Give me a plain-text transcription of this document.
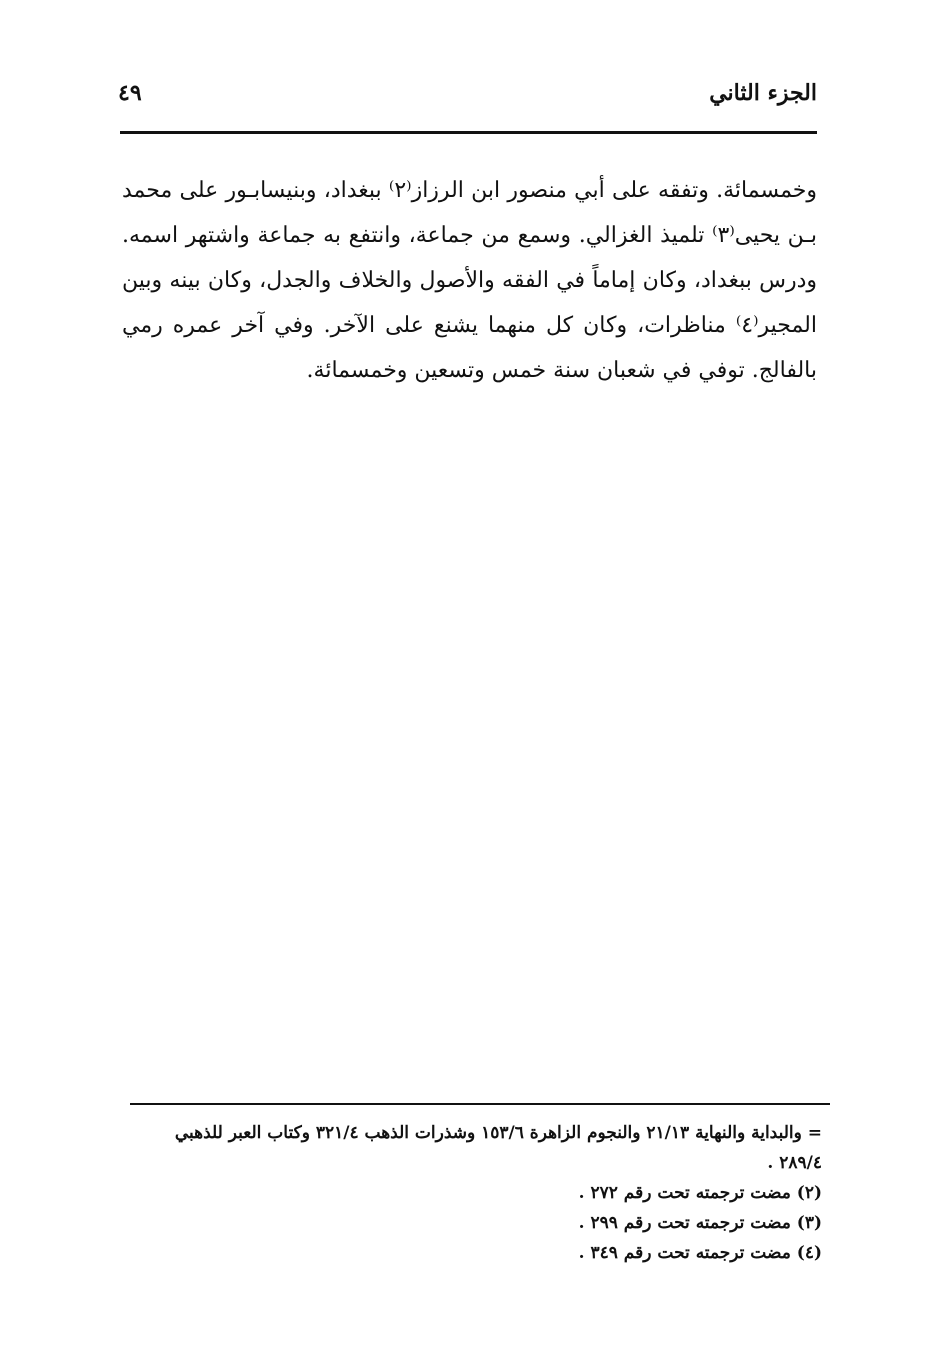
الجزء الثاني
٤٩

وخمسمائة. وتفقه على أبي منصور ابن الرزاز⁽٢⁾ ببغداد، وبنيسابـور على محمد بـن يحيى⁽٣⁾ تلميذ الغزالي. وسمع من جماعة، وانتفع به جماعة واشتهر اسمه. ودرس ببغداد، وكان إماماً في الفقه والأصول والخلاف والجدل، وكان بينه وبين المجير⁽٤⁾ مناظرات، وكان كل منهما يشنع على الآخر. وفي آخر عمره رمي بالفالج. توفي في شعبان سنة خمس وتسعين وخمسمائة.

= والبداية والنهاية ٢١/١٣ والنجوم الزاهرة ١٥٣/٦ وشذرات الذهب ٣٢١/٤ وكتاب العبر للذهبي ٢٨٩/٤ .

(٢) مضت ترجمته تحت رقم ٢٧٢ .

(٣) مضت ترجمته تحت رقم ٢٩٩ .

(٤) مضت ترجمته تحت رقم ٣٤٩ .
